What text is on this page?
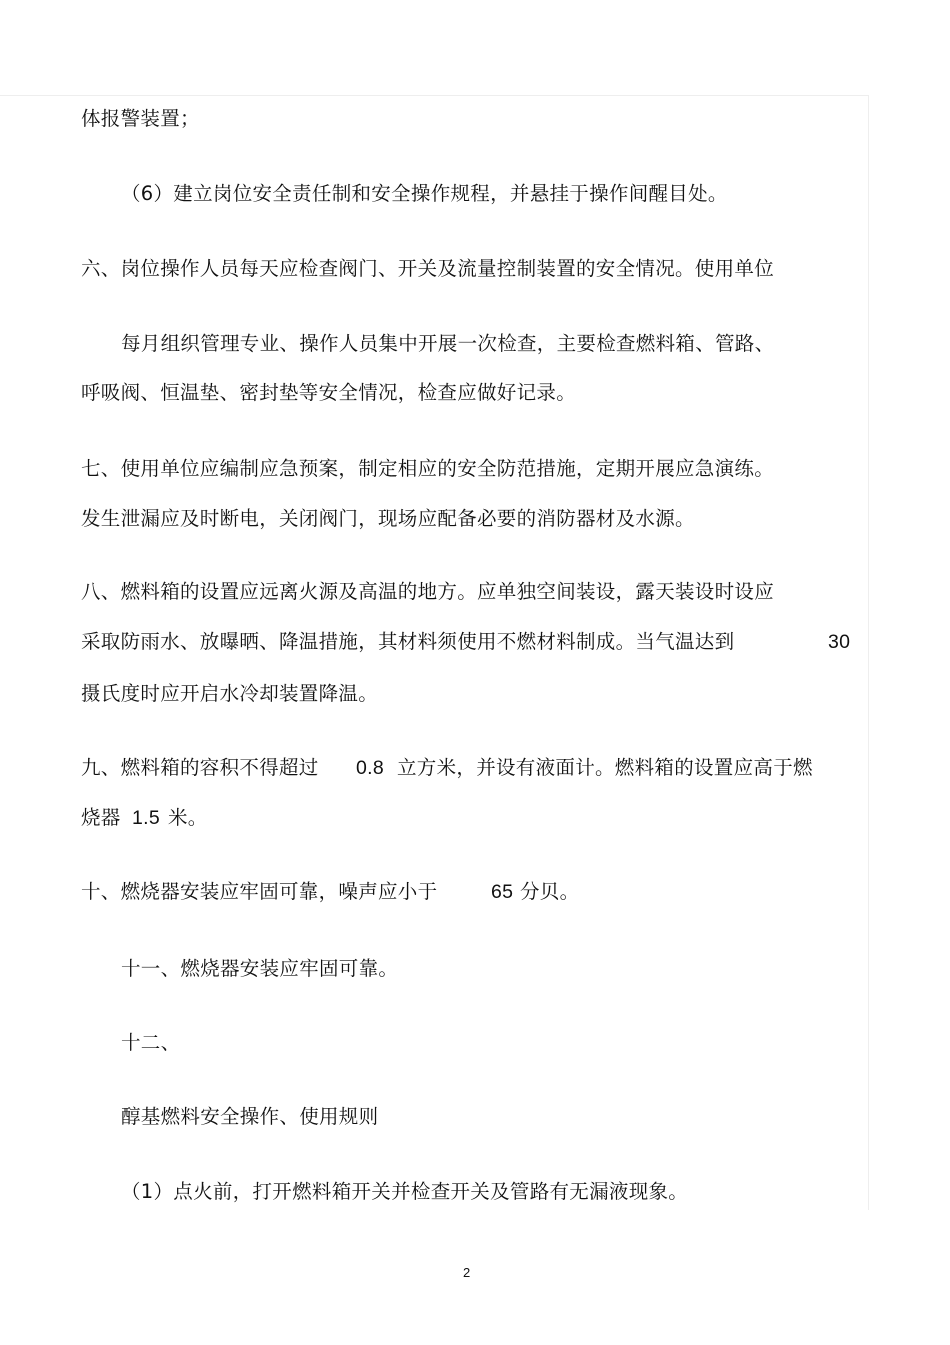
体报警装置；
（6）建立岗位安全责任制和安全操作规程，并悬挂于操作间醒目处。
六、岗位操作人员每天应检查阀门、开关及流量控制装置的安全情况。使用单位
每月组织管理专业、操作人员集中开展一次检查，主要检查燃料箱、管路、
呼吸阀、恒温垫、密封垫等安全情况，检查应做好记录。
七、使用单位应编制应急预案，制定相应的安全防范措施，定期开展应急演练。
发生泄漏应及时断电，关闭阀门，现场应配备必要的消防器材及水源。
八、燃料箱的设置应远离火源及高温的地方。应单独空间装设，露天装设时设应
采取防雨水、放曝晒、降温措施，其材料须使用不燃材料制成。当气温达到	30
摄氏度时应开启水冷却装置降温。
九、燃料箱的容积不得超过 0.8 立方米，并设有液面计。燃料箱的设置应高于燃
烧器 1.5 米。
十、燃烧器安装应牢固可靠，噪声应小于	65 分贝。
十一、燃烧器安装应牢固可靠。
十二、
醇基燃料安全操作、使用规则
（1）点火前，打开燃料箱开关并检查开关及管路有无漏液现象。
2
